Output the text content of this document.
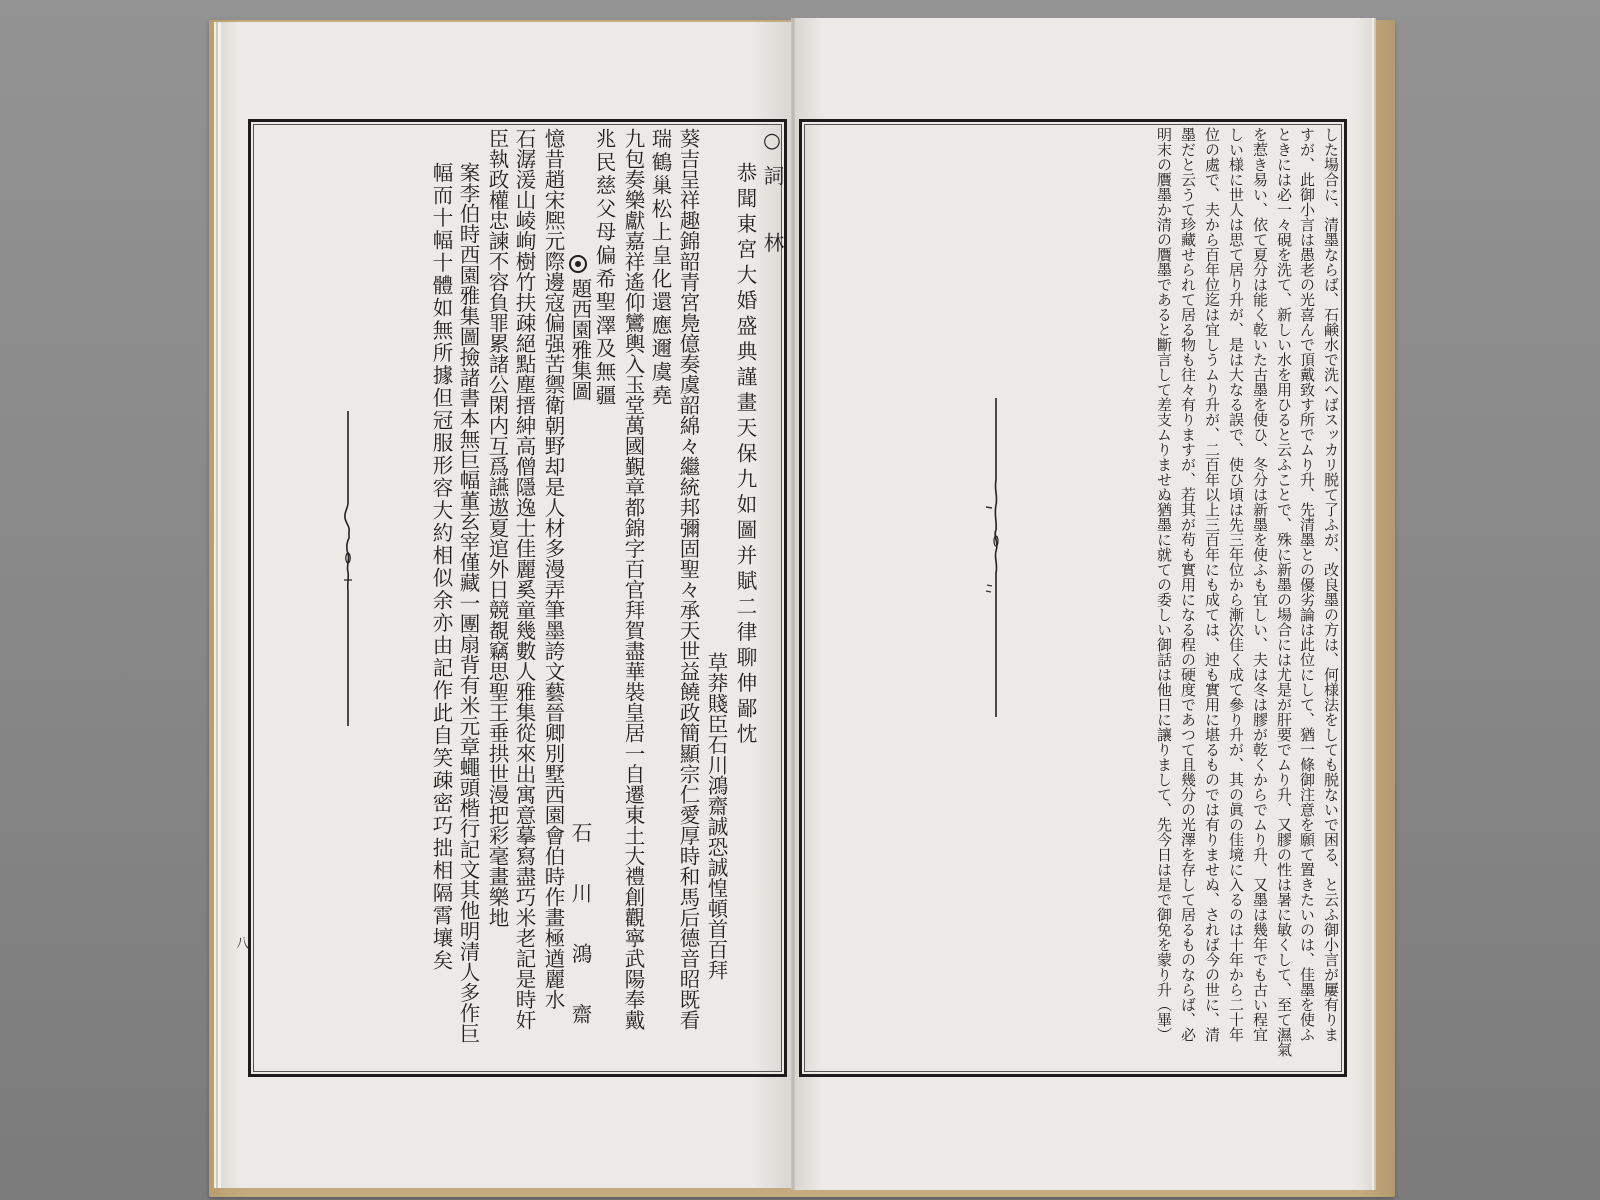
した場合に、清墨ならば、石鹸水で洗へばスッカリ脱て了ふが、改良墨の方は、何様法をしても脱ないで困る、と云ふ御小言が屢有りま
すが、此御小言は愚老の光喜んで頂戴致す所でムり升、先清墨との優劣論は此位にして、猶一條御注意を願て置きたいのは、佳墨を使ふ
ときには必一々硯を洗て、新しい水を用ひると云ふことで、殊に新墨の場合には尤是が肝要でムり升、又膠の性は暑に敏くして、至て濕氣
を惹き易い、依て夏分は能く乾いた古墨を使ひ、冬分は新墨を使ふも宜しい、夫は冬は膠が乾くからでムり升、又墨は幾年でも古い程宜
しい様に世人は思て居り升が、是は大なる誤で、使ひ頃は先三年位から漸次佳く成て參り升が、其の眞の佳境に入るのは十年から二十年
位の處で、夫から百年位迄は宜しうムり升が、二百年以上三百年にも成ては、迚も實用に堪るものでは有りませぬ、されば今の世に、清
墨だと云うて珍藏せられて居る物も往々有りますが、若其が苟も實用になる程の硬度であつて且幾分の光澤を存して居るものならば、必
明末の贋墨か清の贋墨であると斷言して差支ムりませぬ猶墨に就ての委しい御話は他日に讓りまして、先今日は是で御免を蒙り升（畢）
○詞　林
恭聞東宮大婚盛典謹畫天保九如圖并賦二律聊伸鄙忱
草莽賤臣石川鴻齋誠恐誠惶頓首百拜
葵吉呈祥趣錦韶青宮鳧億奏虞韶綿々繼統邦彌固聖々承天世益饒政簡顯宗仁愛厚時和馬后德音昭既看
瑞鶴巢松上皇化還應邇虞堯
九包奏樂獻嘉祥遙仰鸞輿入玉堂萬國覲章都錦字百官拜賀盡華裝皇居一自遷東土大禮創觀寧武陽奉戴
兆民慈父母偏希聖澤及無疆
題西園雅集圖
石川鴻齋
憶昔趙宋熈元際邊寇偏强苦禦衛朝野却是人材多漫弄筆墨誇文藝晉卿別墅西園會伯時作畫極遒麗水
石潺湲山崚峋樹竹扶疎絕點塵搢紳高僧隱逸士佳麗奚童幾數人雅集從來出寓意摹寫盡巧米老記是時奸
臣執政權忠諫不容負罪累諸公閑内互爲讌遨夏逭外日競覩竊思聖王垂拱世漫把彩毫畫樂地
案李伯時西園雅集圖撿諸書本無巨幅董玄宰僅藏一團扇背有米元章蠅頭楷行記文其他明清人多作巨
幅而十幅十體如無所據但冠服形容大約相似余亦由記作此自笑疎密巧拙相隔霄壤矣
八
